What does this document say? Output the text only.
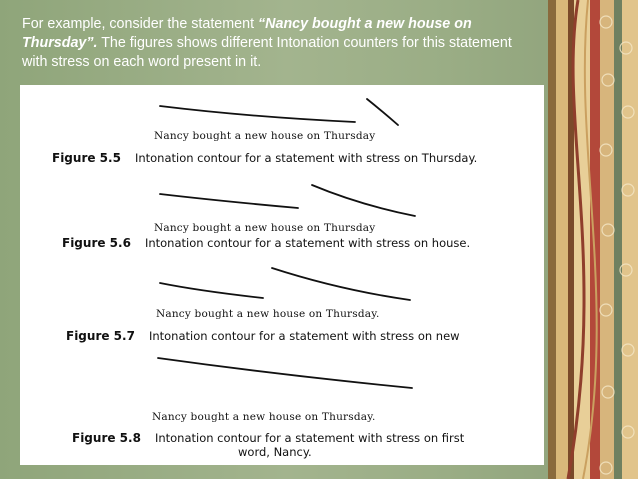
For example, consider the statement “Nancy bought a new house on Thursday”. The figures shows different Intonation counters for this statement with stress on each word present in it.
Nancy bought a new house on Thursday
Figure 5.5 Intonation contour for a statement with stress on Thursday.
Nancy bought a new house on Thursday
Figure 5.6 Intonation contour for a statement with stress on house.
Nancy bought a new house on Thursday.
Figure 5.7 Intonation contour for a statement with stress on new
Nancy bought a new house on Thursday.
Figure 5.8 Intonation contour for a statement with stress on first
word, Nancy.
